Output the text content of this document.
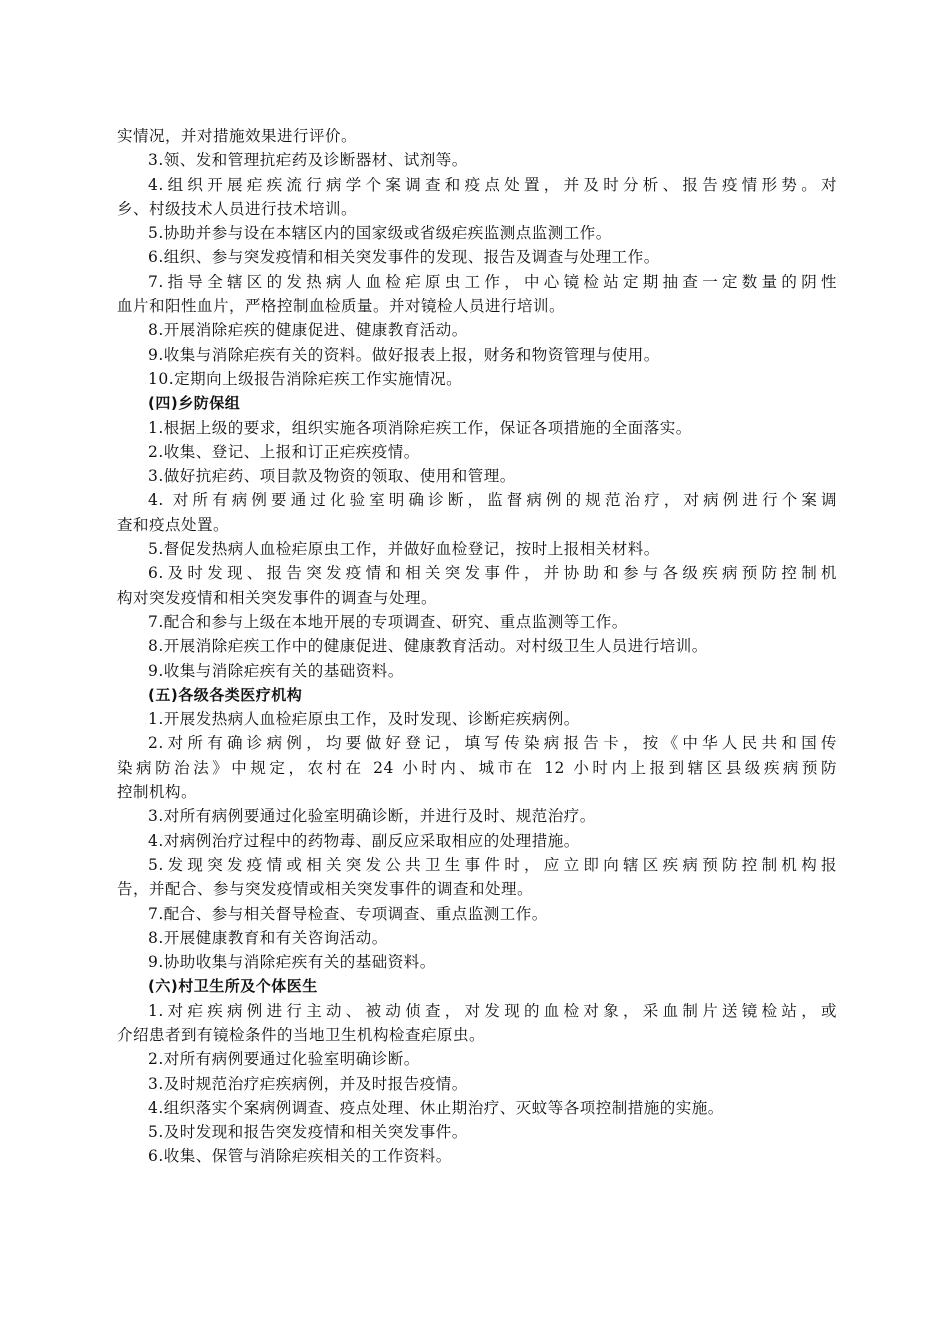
实情况，并对措施效果进行评价。
3.领、发和管理抗疟药及诊断器材、试剂等。
4.组织开展疟疾流行病学个案调查和疫点处置，并及时分析、报告疫情形势。对
乡、村级技术人员进行技术培训。
5.协助并参与设在本辖区内的国家级或省级疟疾监测点监测工作。
6.组织、参与突发疫情和相关突发事件的发现、报告及调查与处理工作。
7.指导全辖区的发热病人血检疟原虫工作，中心镜检站定期抽查一定数量的阴性
血片和阳性血片，严格控制血检质量。并对镜检人员进行培训。
8.开展消除疟疾的健康促进、健康教育活动。
9.收集与消除疟疾有关的资料。做好报表上报，财务和物资管理与使用。
10.定期向上级报告消除疟疾工作实施情况。
(四)乡防保组
1.根据上级的要求，组织实施各项消除疟疾工作，保证各项措施的全面落实。
2.收集、登记、上报和订正疟疾疫情。
3.做好抗疟药、项目款及物资的领取、使用和管理。
4. 对所有病例要通过化验室明确诊断，监督病例的规范治疗，对病例进行个案调
查和疫点处置。
5.督促发热病人血检疟原虫工作，并做好血检登记，按时上报相关材料。
6.及时发现、报告突发疫情和相关突发事件，并协助和参与各级疾病预防控制机
构对突发疫情和相关突发事件的调查与处理。
7.配合和参与上级在本地开展的专项调查、研究、重点监测等工作。
8.开展消除疟疾工作中的健康促进、健康教育活动。对村级卫生人员进行培训。
9.收集与消除疟疾有关的基础资料。
(五)各级各类医疗机构
1.开展发热病人血检疟原虫工作，及时发现、诊断疟疾病例。
2.对所有确诊病例，均要做好登记，填写传染病报告卡，按《中华人民共和国传
染病防治法》中规定，农村在 24 小时内、城市在 12 小时内上报到辖区县级疾病预防
控制机构。
3.对所有病例要通过化验室明确诊断，并进行及时、规范治疗。
4.对病例治疗过程中的药物毒、副反应采取相应的处理措施。
5.发现突发疫情或相关突发公共卫生事件时，应立即向辖区疾病预防控制机构报
告，并配合、参与突发疫情或相关突发事件的调查和处理。
7.配合、参与相关督导检查、专项调查、重点监测工作。
8.开展健康教育和有关咨询活动。
9.协助收集与消除疟疾有关的基础资料。
(六)村卫生所及个体医生
1.对疟疾病例进行主动、被动侦查，对发现的血检对象，采血制片送镜检站，或
介绍患者到有镜检条件的当地卫生机构检查疟原虫。
2.对所有病例要通过化验室明确诊断。
3.及时规范治疗疟疾病例，并及时报告疫情。
4.组织落实个案病例调查、疫点处理、休止期治疗、灭蚊等各项控制措施的实施。
5.及时发现和报告突发疫情和相关突发事件。
6.收集、保管与消除疟疾相关的工作资料。
